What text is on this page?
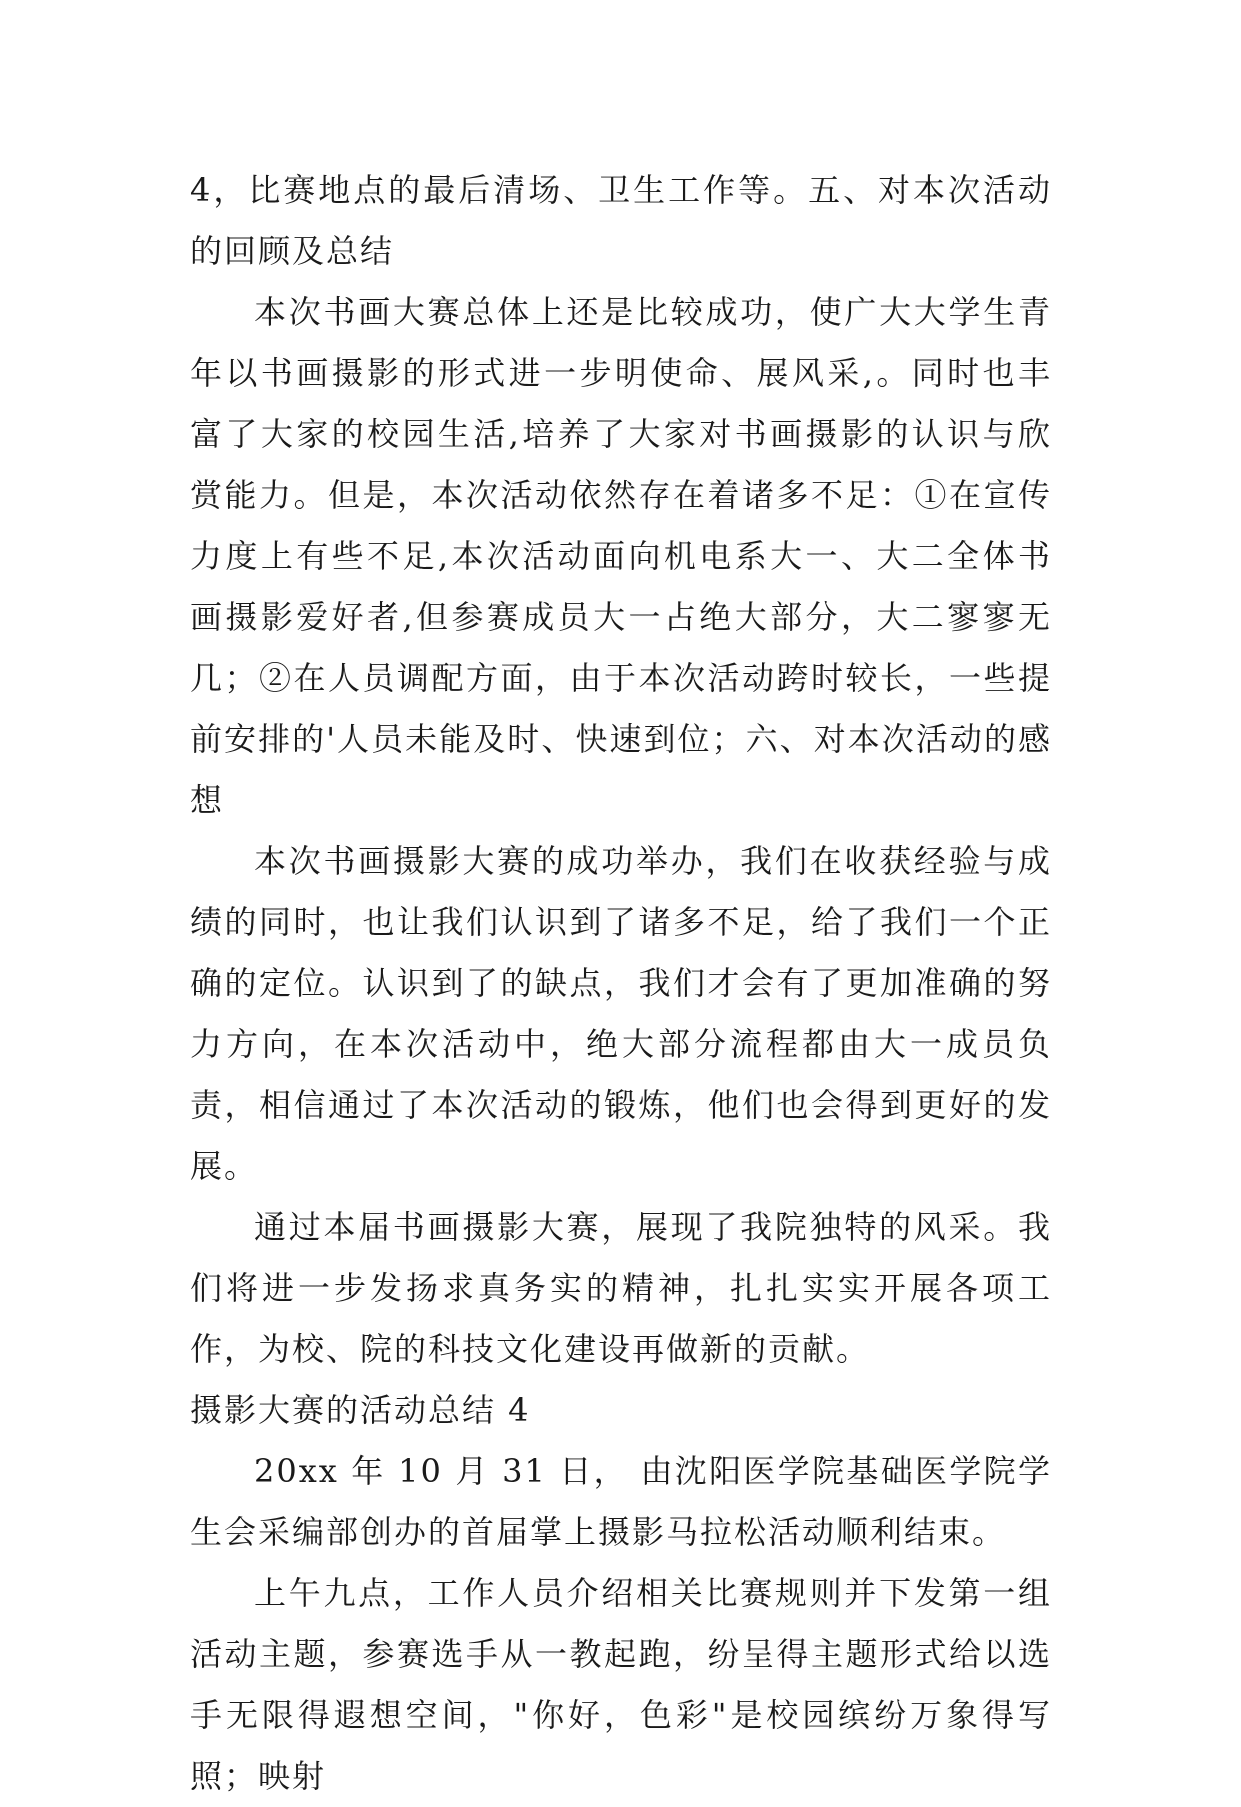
4，比赛地点的最后清场、卫生工作等。五、对本次活动的回顾及总结

本次书画大赛总体上还是比较成功，使广大大学生青年以书画摄影的形式进一步明使命、展风采,。同时也丰富了大家的校园生活,培养了大家对书画摄影的认识与欣赏能力。但是，本次活动依然存在着诸多不足：①在宣传力度上有些不足,本次活动面向机电系大一、大二全体书画摄影爱好者,但参赛成员大一占绝大部分，大二寥寥无几；②在人员调配方面，由于本次活动跨时较长，一些提前安排的'人员未能及时、快速到位；六、对本次活动的感想

本次书画摄影大赛的成功举办，我们在收获经验与成绩的同时，也让我们认识到了诸多不足，给了我们一个正确的定位。认识到了的缺点，我们才会有了更加准确的努力方向，在本次活动中，绝大部分流程都由大一成员负责，相信通过了本次活动的锻炼，他们也会得到更好的发展。

通过本届书画摄影大赛，展现了我院独特的风采。我们将进一步发扬求真务实的精神，扎扎实实开展各项工作，为校、院的科技文化建设再做新的贡献。

摄影大赛的活动总结 4

20xx 年 10 月 31 日， 由沈阳医学院基础医学院学生会采编部创办的首届掌上摄影马拉松活动顺利结束。

上午九点，工作人员介绍相关比赛规则并下发第一组活动主题，参赛选手从一教起跑，纷呈得主题形式给以选手无限得遐想空间，"你好，色彩"是校园缤纷万象得写照；映射
